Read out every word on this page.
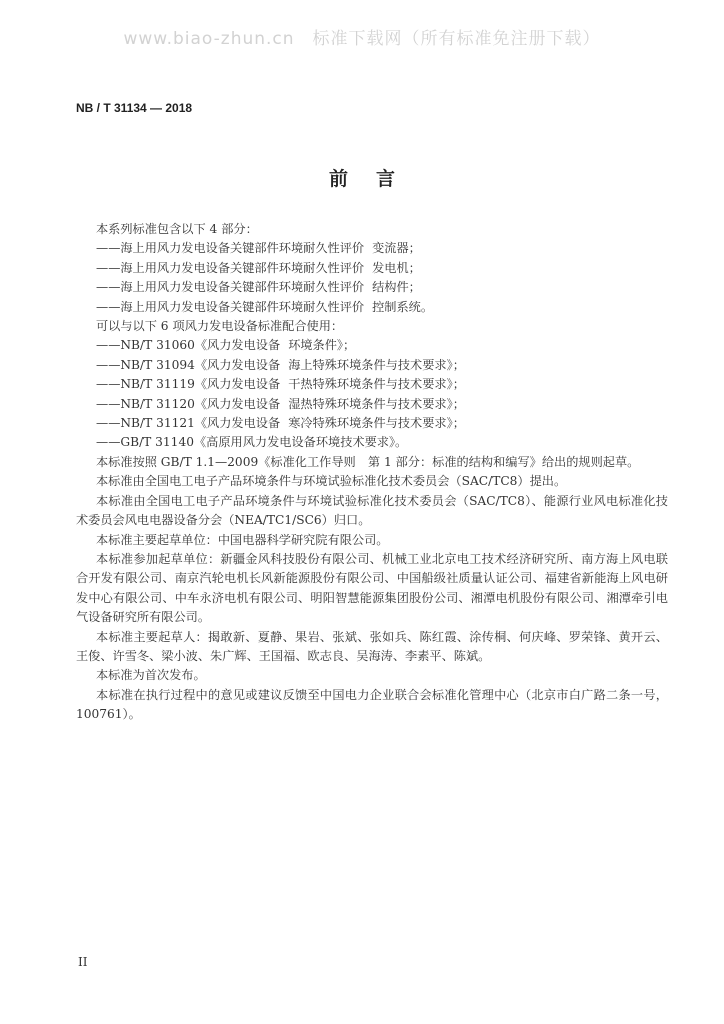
www.biao-zhun.cn　标准下载网（所有标准免注册下载）
NB / T 31134 — 2018
前言
本系列标准包含以下 4 部分：
——海上用风力发电设备关键部件环境耐久性评价 变流器；
——海上用风力发电设备关键部件环境耐久性评价 发电机；
——海上用风力发电设备关键部件环境耐久性评价 结构件；
——海上用风力发电设备关键部件环境耐久性评价 控制系统。
可以与以下 6 项风力发电设备标准配合使用：
——NB/T 31060《风力发电设备 环境条件》；
——NB/T 31094《风力发电设备 海上特殊环境条件与技术要求》；
——NB/T 31119《风力发电设备 干热特殊环境条件与技术要求》；
——NB/T 31120《风力发电设备 湿热特殊环境条件与技术要求》；
——NB/T 31121《风力发电设备 寒冷特殊环境条件与技术要求》；
——GB/T 31140《高原用风力发电设备环境技术要求》。
本标准按照 GB/T 1.1—2009《标准化工作导则　第 1 部分：标准的结构和编写》给出的规则起草。
本标准由全国电工电子产品环境条件与环境试验标准化技术委员会（SAC/TC8）提出。
本标准由全国电工电子产品环境条件与环境试验标准化技术委员会（SAC/TC8）、能源行业风电标准化技术委员会风电电器设备分会（NEA/TC1/SC6）归口。
本标准主要起草单位：中国电器科学研究院有限公司。
本标准参加起草单位：新疆金风科技股份有限公司、机械工业北京电工技术经济研究所、南方海上风电联合开发有限公司、南京汽轮电机长风新能源股份有限公司、中国船级社质量认证公司、福建省新能海上风电研发中心有限公司、中车永济电机有限公司、明阳智慧能源集团股份公司、湘潭电机股份有限公司、湘潭牵引电气设备研究所有限公司。
本标准主要起草人：揭敢新、夏静、果岩、张斌、张如兵、陈红霞、涂传桐、何庆峰、罗荣锋、黄开云、王俊、许雪冬、梁小波、朱广辉、王国福、欧志良、吴海涛、李素平、陈斌。
本标准为首次发布。
本标准在执行过程中的意见或建议反馈至中国电力企业联合会标准化管理中心（北京市白广路二条一号，100761）。
II
